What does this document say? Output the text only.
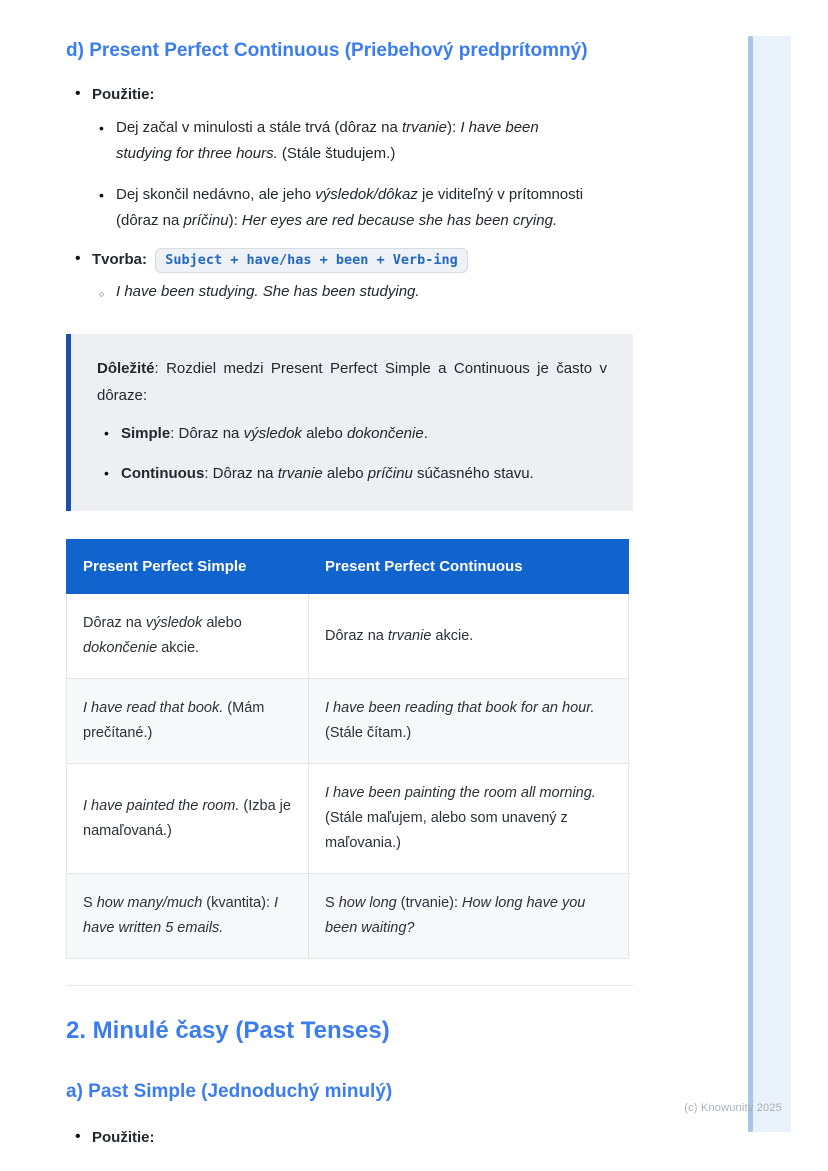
d) Present Perfect Continuous (Priebehový predprítomný)
• Použitie:
• Dej začal v minulosti a stále trvá (dôraz na trvanie): I have been studying for three hours. (Stále študujem.)
• Dej skončil nedávno, ale jeho výsledok/dôkaz je viditeľný v prítomnosti (dôraz na príčinu): Her eyes are red because she has been crying.
• Tvorba: Subject + have/has + been + Verb-ing
○ I have been studying. She has been studying.

Dôležité: Rozdiel medzi Present Perfect Simple a Continuous je často v dôraze:

• Simple: Dôraz na výsledok alebo dokončenie.
• Continuous: Dôraz na trvanie alebo príčinu súčasného stavu.
Present Perfect Simple	Present Perfect Continuous
Dôraz na výsledok alebo dokončenie akcie.	Dôraz na trvanie akcie.
I have read that book. (Mám prečítané.)	I have been reading that book for an hour. (Stále čítam.)
I have painted the room. (Izba je namaľovaná.)	I have been painting the room all morning. (Stále maľujem, alebo som unavený z maľovania.)
S how many/much (kvantita): I have written 5 emails.	S how long (trvanie): How long have you been waiting?
2. Minulé časy (Past Tenses)
a) Past Simple (Jednoduchý minulý)
• Použitie:
(c) Knowunity 2025
